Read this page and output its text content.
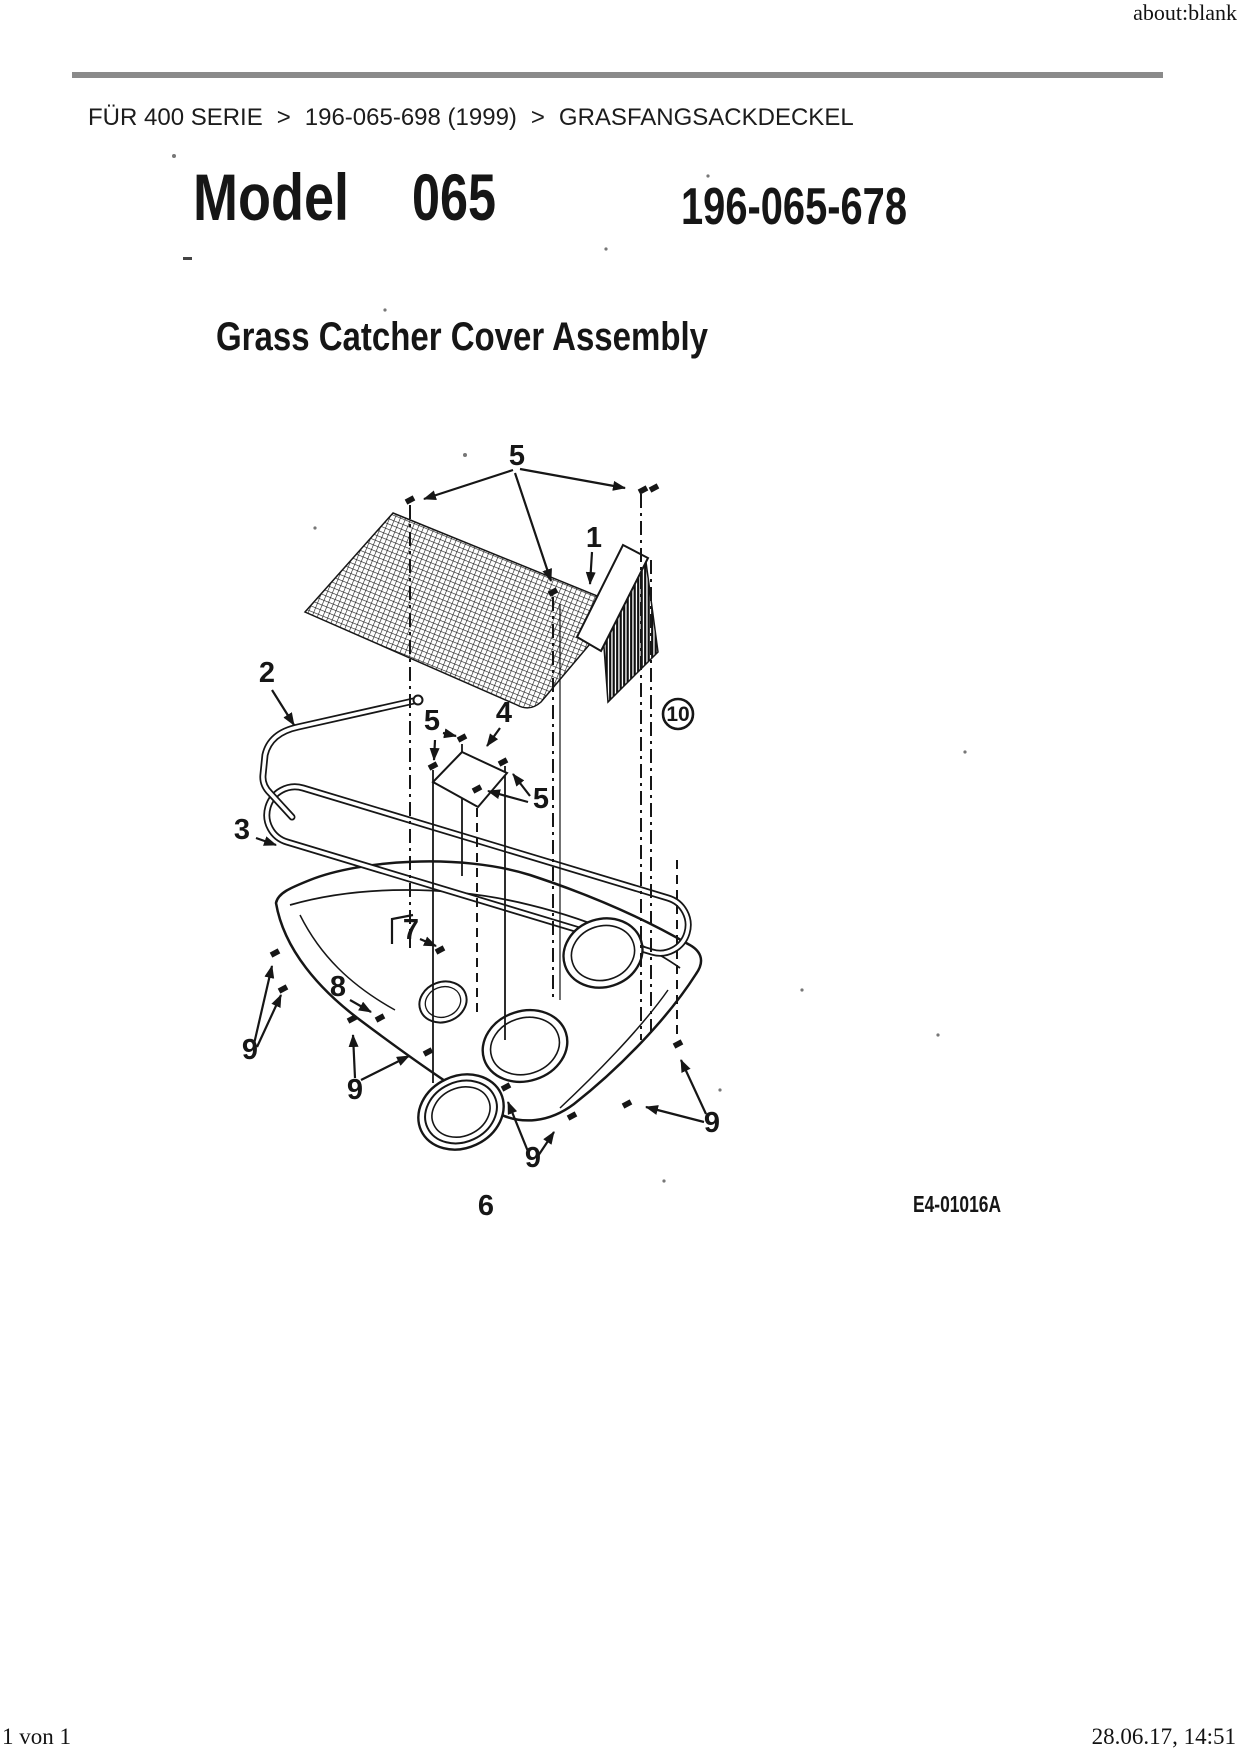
about:blank
FÜR 400 SERIE > 196-065-698 (1999) > GRASFANGSACKDECKEL
Model 065	196-065-678
Grass Catcher Cover Assembly
5
1
2
5 4
5
3
7
8
9
9
9
9
6
10
E4-01016A
1 von 1	28.06.17, 14:51
